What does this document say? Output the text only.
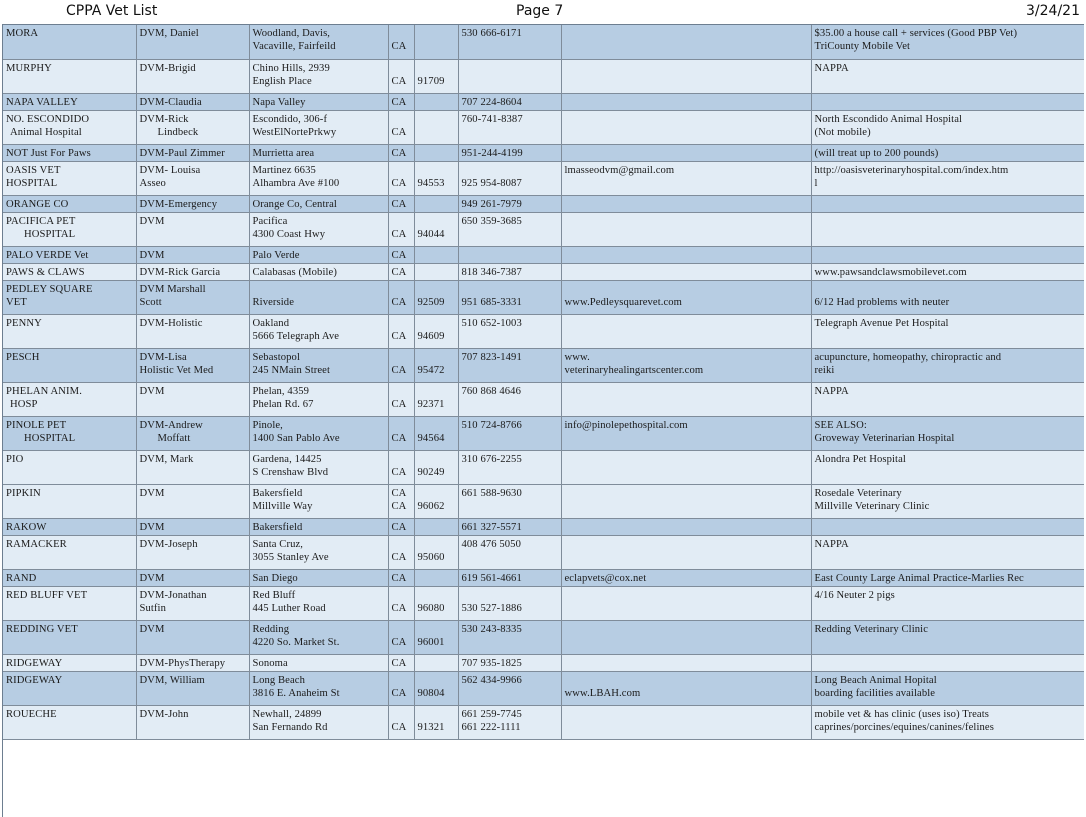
CPPA Vet List	Page 7	3/24/21
MORA	DVM, Daniel	Woodland, Davis,
Vacaville, Fairfeild	CA		530 666-6171		$35.00 a house call + services (Good PBP Vet)
TriCounty Mobile Vet

MURPHY	DVM-Brigid	Chino Hills, 2939
English Place	CA	91709			NAPPA

NAPA VALLEY	DVM-Claudia	Napa Valley	CA		707 224-8604		

NO. ESCONDIDO
Animal Hospital	DVM-Rick
Lindbeck	Escondido, 306-f
WestElNortePrkwy	CA		760-741-8387		North Escondido Animal Hospital
(Not mobile)

NOT Just For Paws	DVM-Paul Zimmer	Murrietta area	CA		951-244-4199		(will treat up to 200 pounds)

OASIS VET
HOSPITAL	DVM- Louisa
Asseo	Martinez 6635
Alhambra Ave #100	CA	94553	925 954-8087	lmasseodvm@gmail.com	http://oasisveterinaryhospital.com/index.htm
l

ORANGE CO	DVM-Emergency	Orange Co, Central	CA		949 261-7979		

PACIFICA PET
HOSPITAL	DVM	Pacifica
4300 Coast Hwy	CA	94044	650 359-3685		

PALO VERDE Vet	DVM	Palo Verde	CA				

PAWS & CLAWS	DVM-Rick Garcia	Calabasas (Mobile)	CA		818 346-7387		www.pawsandclawsmobilevet.com

PEDLEY SQUARE
VET	DVM Marshall
Scott	Riverside	CA	92509	951 685-3331	www.Pedleysquarevet.com	6/12 Had problems with neuter

PENNY	DVM-Holistic	Oakland
5666 Telegraph Ave	CA	94609	510 652-1003		Telegraph Avenue Pet Hospital

PESCH	DVM-Lisa
Holistic Vet Med	Sebastopol
245 NMain Street	CA	95472	707 823-1491	www.
veterinaryhealingartscenter.com	acupuncture, homeopathy, chiropractic and
reiki

PHELAN ANIM.
HOSP	DVM	Phelan, 4359
Phelan Rd. 67	CA	92371	760 868 4646		NAPPA

PINOLE PET
HOSPITAL	DVM-Andrew
Moffatt	Pinole,
1400 San Pablo Ave	CA	94564	510 724-8766	info@pinolepethospital.com	SEE ALSO:
Groveway Veterinarian Hospital

PIO	DVM, Mark	Gardena, 14425
S Crenshaw Blvd	CA	90249	310 676-2255		Alondra Pet Hospital

PIPKIN	DVM	Bakersfield
Millville Way	CA
CA	96062	661 588-9630		Rosedale Veterinary
Millville Veterinary Clinic

RAKOW	DVM	Bakersfield	CA		661 327-5571		

RAMACKER	DVM-Joseph	Santa Cruz,
3055 Stanley Ave	CA	95060	408 476 5050		NAPPA

RAND	DVM	San Diego	CA		619 561-4661	eclapvets@cox.net	East County Large Animal Practice-Marlies Rec

RED BLUFF VET	DVM-Jonathan
Sutfin	Red Bluff
445 Luther Road	CA	96080	530 527-1886		4/16 Neuter 2 pigs

REDDING VET	DVM	Redding
4220 So. Market St.	CA	96001	530 243-8335		Redding Veterinary Clinic

RIDGEWAY	DVM-PhysTherapy	Sonoma	CA		707 935-1825		

RIDGEWAY	DVM, William	Long Beach
3816 E. Anaheim St	CA	90804	562 434-9966	www.LBAH.com	Long Beach Animal Hopital
boarding facilities available

ROUECHE	DVM-John	Newhall, 24899
San Fernando Rd	CA	91321	661 259-7745
661 222-1111		mobile vet & has clinic (uses iso) Treats
caprines/porcines/equines/canines/felines
